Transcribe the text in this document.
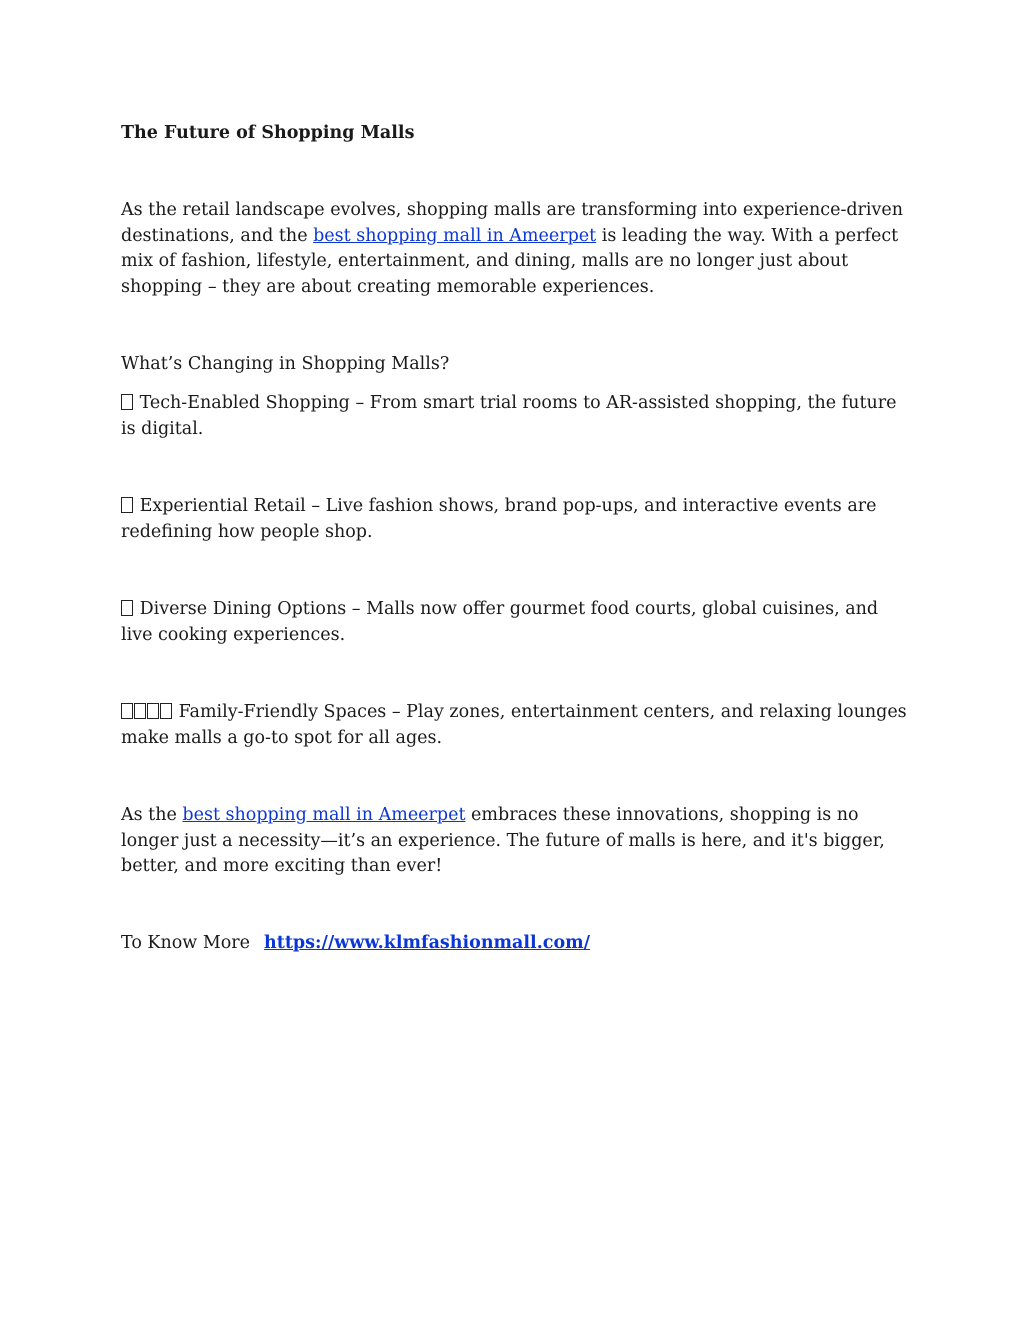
The Future of Shopping Malls

As the retail landscape evolves, shopping malls are transforming into experience-driven destinations, and the best shopping mall in Ameerpet is leading the way. With a perfect mix of fashion, lifestyle, entertainment, and dining, malls are no longer just about shopping – they are about creating memorable experiences.

What’s Changing in Shopping Malls?

Tech-Enabled Shopping – From smart trial rooms to AR-assisted shopping, the future is digital.

Experiential Retail – Live fashion shows, brand pop-ups, and interactive events are redefining how people shop.

Diverse Dining Options – Malls now offer gourmet food courts, global cuisines, and live cooking experiences.

Family-Friendly Spaces – Play zones, entertainment centers, and relaxing lounges make malls a go-to spot for all ages.

As the best shopping mall in Ameerpet embraces these innovations, shopping is no longer just a necessity—it’s an experience. The future of malls is here, and it's bigger, better, and more exciting than ever!

To Know More https://www.klmfashionmall.com/
